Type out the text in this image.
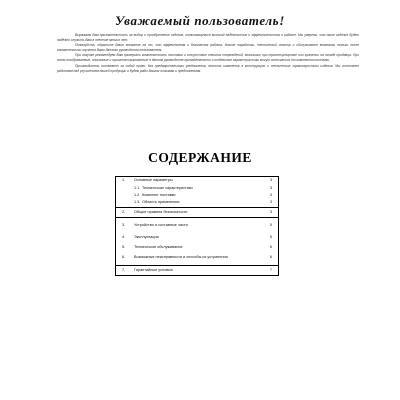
Уважаемый пользователь!

Выражаем Вам признательность за выбор и приобретение изделия, отличающегося высокой надёжностью и эффективностью в работе. Мы уверены, что наше изделие будет надёжно служить Вам в течение многих лет.

Пожалуйста, обратите Ваше внимание на то, что эффективная и безопасная работа, долгие наработки, технический осмотр и обслуживание возможны только после внимательного изучения Вами данного руководства пользователя.

При покупке рекомендуем Вам проверить комплектность поставки и отсутствие внешних повреждений, возникших при транспортировке или хранении на складе продавца. При этом отображаемые, описанные и проиллюстрированные в данном руководстве принадлежности и отдельные характеристики могут отличаться от комплекта поставки.

Производитель оставляет за собой право, без предварительного уведомления, вносить изменения в конструкцию и технические характеристики изделия. Мы постоянно работаем над улучшением нашей продукции и будем рады Вашим отзывам и предложениям.

СОДЕРЖАНИЕ
1. Основные параметры	3
1.1. Технические характеристики	3
1.2. Комплект поставки	3
1.3. Область применения	3
2. Общие правила безопасности	3
3. Устройство и составные части	5
4. Эксплуатация	5
5. Техническое обслуживание	6
6. Возможные неисправности и способы их устранения	6
7. Гарантийные условия	7
